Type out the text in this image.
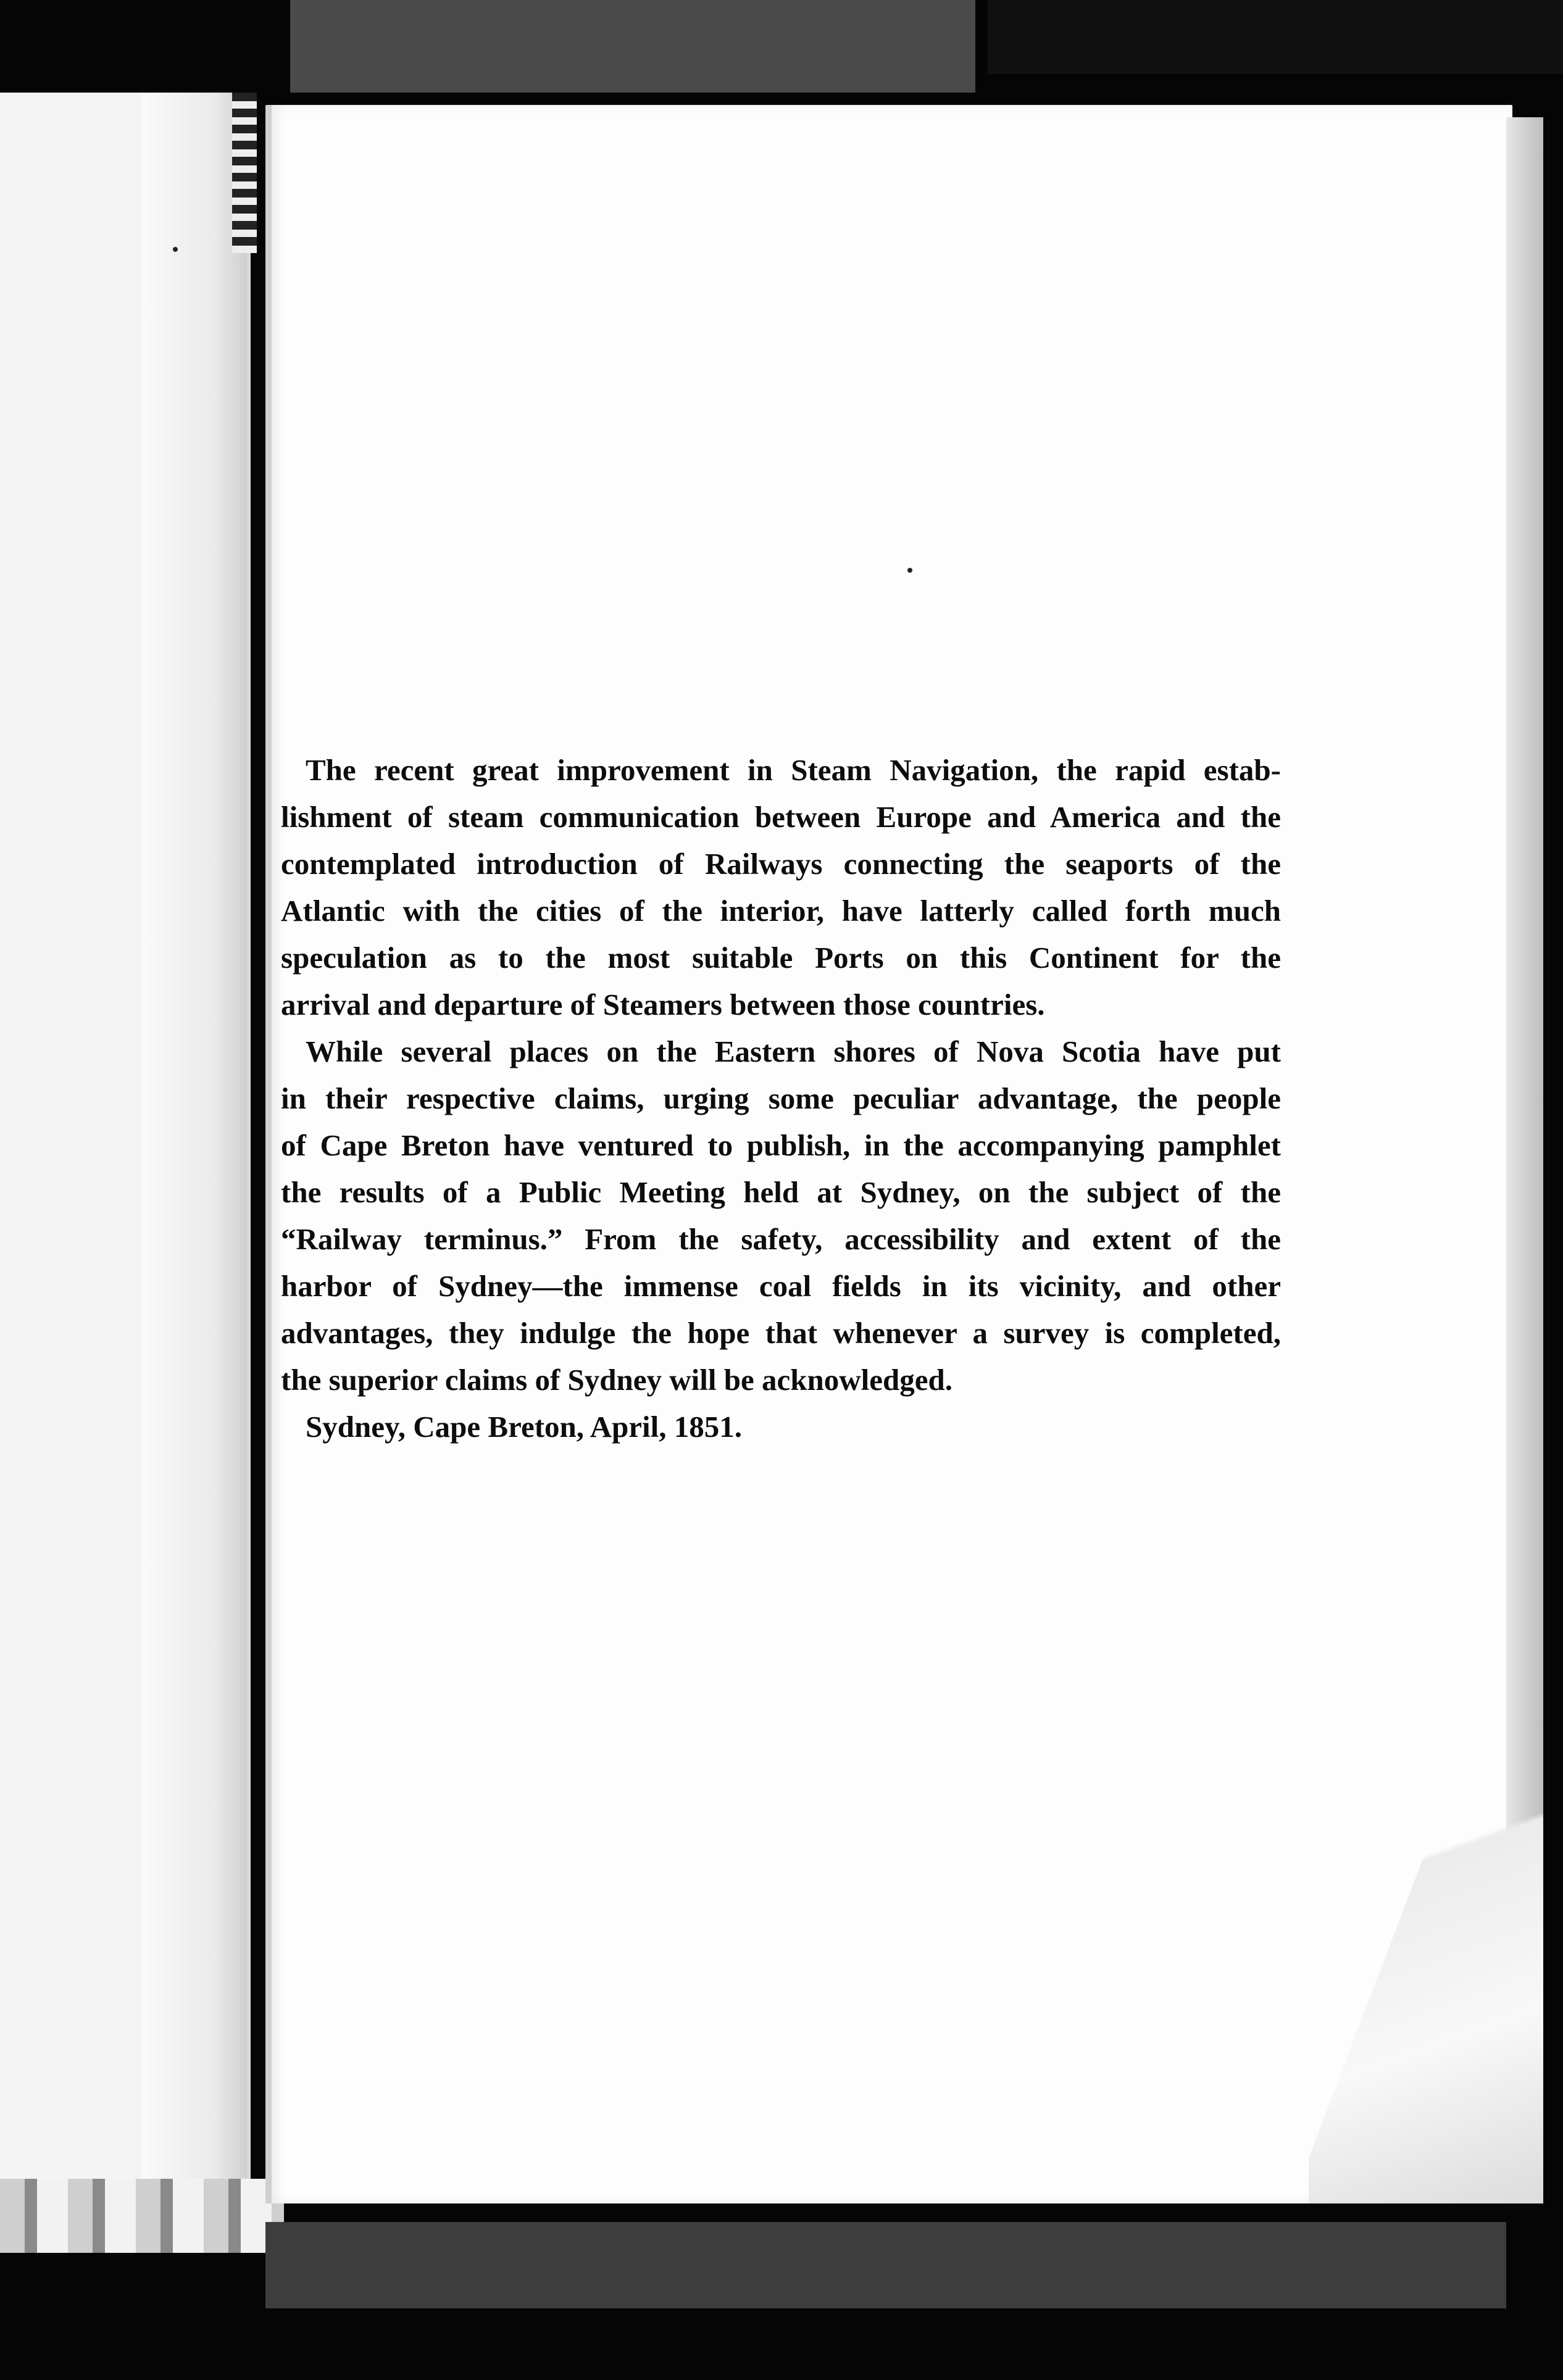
The recent great improvement in Steam Navigation, the rapid estab-
lishment of steam communication between Europe and America and the
contemplated introduction of Railways connecting the seaports of the
Atlantic with the cities of the interior, have latterly called forth much
speculation as to the most suitable Ports on this Continent for the
arrival and departure of Steamers between those countries.
While several places on the Eastern shores of Nova Scotia have put
in their respective claims, urging some peculiar advantage, the people
of Cape Breton have ventured to publish, in the accompanying pamphlet
the results of a Public Meeting held at Sydney, on the subject of the
“Railway terminus.” From the safety, accessibility and extent of the
harbor of Sydney—the immense coal fields in its vicinity, and other
advantages, they indulge the hope that whenever a survey is completed,
the superior claims of Sydney will be acknowledged.
Sydney, Cape Breton, April, 1851.
